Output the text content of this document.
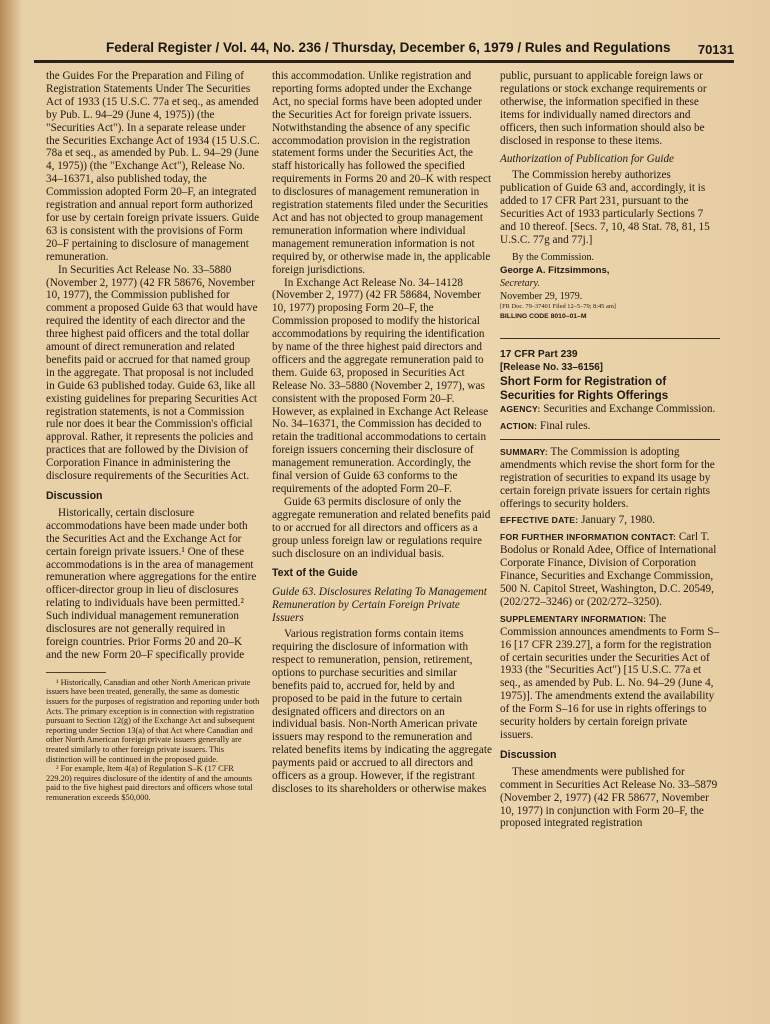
Federal Register / Vol. 44, No. 236 / Thursday, December 6, 1979 / Rules and Regulations 70131

the Guides For the Preparation and Filing of Registration Statements Under The Securities Act of 1933 (15 U.S.C. 77a et seq., as amended by Pub. L. 94–29 (June 4, 1975)) (the "Securities Act"). In a separate release under the Securities Exchange Act of 1934 (15 U.S.C. 78a et seq., as amended by Pub. L. 94–29 (June 4, 1975)) (the "Exchange Act"), Release No. 34–16371, also published today, the Commission adopted Form 20–F, an integrated registration and annual report form authorized for use by certain foreign private issuers. Guide 63 is consistent with the provisions of Form 20–F pertaining to disclosure of management remuneration.

In Securities Act Release No. 33–5880 (November 2, 1977) (42 FR 58676, November 10, 1977), the Commission published for comment a proposed Guide 63 that would have required the identity of each director and the three highest paid officers and the total dollar amount of direct remuneration and related benefits paid or accrued for that named group in the aggregate. That proposal is not included in Guide 63 published today. Guide 63, like all existing guidelines for preparing Securities Act registration statements, is not a Commission rule nor does it bear the Commission's official approval. Rather, it represents the policies and practices that are followed by the Division of Corporation Finance in administering the disclosure requirements of the Securities Act.

Discussion

Historically, certain disclosure accommodations have been made under both the Securities Act and the Exchange Act for certain foreign private issuers.¹ One of these accommodations is in the area of management remuneration where aggregations for the entire officer-director group in lieu of disclosures relating to individuals have been permitted.² Such individual management remuneration disclosures are not generally required in foreign countries. Prior Forms 20 and 20–K and the new Form 20–F specifically provide

¹ Historically, Canadian and other North American private issuers have been treated, generally, the same as domestic issuers for the purposes of registration and reporting under both Acts. The primary exception is in connection with registration pursuant to Section 12(g) of the Exchange Act and subsequent reporting under Section 13(a) of that Act where Canadian and other North American foreign private issuers generally are treated similarly to other foreign private issuers. This distinction will be continued in the proposed guide.

² For example, Item 4(a) of Regulation S–K (17 CFR 229.20) requires disclosure of the identity of and the amounts paid to the five highest paid directors and officers whose total remuneration exceeds $50,000.

this accommodation. Unlike registration and reporting forms adopted under the Exchange Act, no special forms have been adopted under the Securities Act for foreign private issuers. Notwithstanding the absence of any specific accommodation provision in the registration statement forms under the Securities Act, the staff historically has followed the specified requirements in Forms 20 and 20–K with respect to disclosures of management remuneration in registration statements filed under the Securities Act and has not objected to group management remuneration information where individual management remuneration information is not required by, or otherwise made in, the applicable foreign jurisdictions.

In Exchange Act Release No. 34–14128 (November 2, 1977) (42 FR 58684, November 10, 1977) proposing Form 20–F, the Commission proposed to modify the historical accommodations by requiring the identification by name of the three highest paid directors and officers and the aggregate remuneration paid to them. Guide 63, proposed in Securities Act Release No. 33–5880 (November 2, 1977), was consistent with the proposed Form 20–F. However, as explained in Exchange Act Release No. 34–16371, the Commission has decided to retain the traditional accommodations to certain foreign issuers concerning their disclosure of management remuneration. Accordingly, the final version of Guide 63 conforms to the requirements of the adopted Form 20–F.

Guide 63 permits disclosure of only the aggregate remuneration and related benefits paid to or accrued for all directors and officers as a group unless foreign law or regulations require such disclosure on an individual basis.

Text of the Guide

Guide 63. Disclosures Relating To Management Remuneration by Certain Foreign Private Issuers

Various registration forms contain items requiring the disclosure of information with respect to remuneration, pension, retirement, options to purchase securities and similar benefits paid to, accrued for, held by and proposed to be paid in the future to certain designated officers and directors on an individual basis. Non-North American private issuers may respond to the remuneration and related benefits items by indicating the aggregate payments paid or accrued to all directors and officers as a group. However, if the registrant discloses to its shareholders or otherwise makes

public, pursuant to applicable foreign laws or regulations or stock exchange requirements or otherwise, the information specified in these items for individually named directors and officers, then such information should also be disclosed in response to these items.

Authorization of Publication for Guide

The Commission hereby authorizes publication of Guide 63 and, accordingly, it is added to 17 CFR Part 231, pursuant to the Securities Act of 1933 particularly Sections 7 and 10 thereof. [Secs. 7, 10, 48 Stat. 78, 81, 15 U.S.C. 77g and 77j.]

By the Commission.

George A. Fitzsimmons,

Secretary.

November 29, 1979.

[FR Doc. 79–37401 Filed 12–5–79; 8:45 am]

BILLING CODE 8010–01–M

17 CFR Part 239

[Release No. 33–6156]

Short Form for Registration of Securities for Rights Offerings

AGENCY: Securities and Exchange Commission.

ACTION: Final rules.

SUMMARY: The Commission is adopting amendments which revise the short form for the registration of securities to expand its usage by certain foreign private issuers for certain rights offerings to security holders.

EFFECTIVE DATE: January 7, 1980.

FOR FURTHER INFORMATION CONTACT: Carl T. Bodolus or Ronald Adee, Office of International Corporate Finance, Division of Corporation Finance, Securities and Exchange Commission, 500 N. Capitol Street, Washington, D.C. 20549, (202/272–3246) or (202/272–3250).

SUPPLEMENTARY INFORMATION: The Commission announces amendments to Form S–16 [17 CFR 239.27], a form for the registration of certain securities under the Securities Act of 1933 (the "Securities Act") [15 U.S.C. 77a et seq., as amended by Pub. L. No. 94–29 (June 4, 1975)]. The amendments extend the availability of the Form S–16 for use in rights offerings to security holders by certain foreign private issuers.

Discussion

These amendments were published for comment in Securities Act Release No. 33–5879 (November 2, 1977) (42 FR 58677, November 10, 1977) in conjunction with Form 20–F, the proposed integrated registration
